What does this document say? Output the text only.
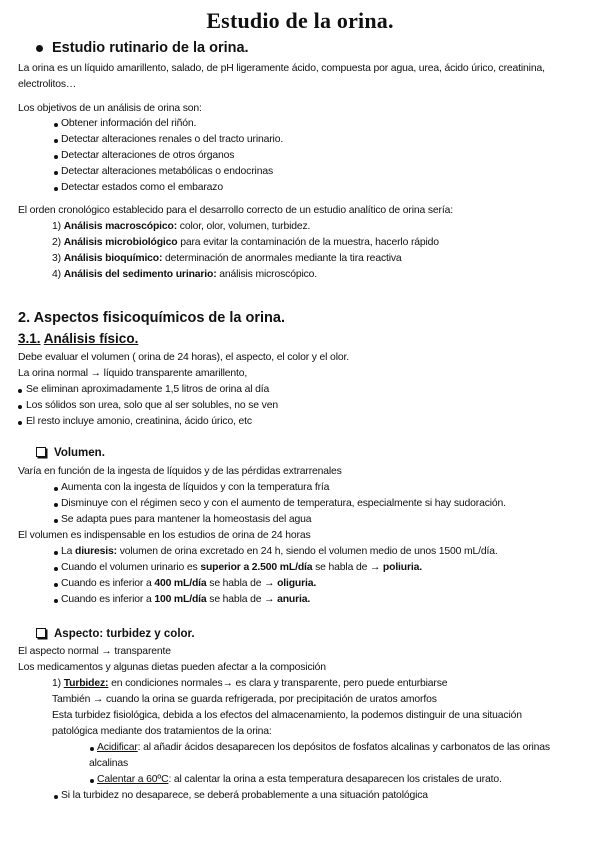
Estudio de la orina.
Estudio rutinario de la orina.
La orina es un líquido amarillento, salado, de pH ligeramente ácido, compuesta por agua, urea, ácido úrico, creatinina,
electrolitos…
Los objetivos de un análisis de orina son:
Obtener información del riñón.
Detectar alteraciones renales o del tracto urinario.
Detectar alteraciones de otros órganos
Detectar alteraciones metabólicas o endocrinas
Detectar estados como el embarazo
El orden cronológico establecido para el desarrollo correcto de un estudio analítico de orina sería:
1) Análisis macroscópico: color, olor, volumen, turbidez.
2) Análisis microbiológico para evitar la contaminación de la muestra, hacerlo rápido
3) Análisis bioquímico: determinación de anormales mediante la tira reactiva
4) Análisis del sedimento urinario: análisis microscópico.
2. Aspectos fisicoquímicos de la orina.
3.1. Análisis físico.
Debe evaluar el volumen ( orina de 24 horas), el aspecto, el color y el olor.
La orina normal → líquido transparente amarillento,
Se eliminan aproximadamente 1,5 litros de orina al día
Los sólidos son urea, solo que al ser solubles, no se ven
El resto incluye amonio, creatinina, ácido úrico, etc
Volumen.
Varía en función de la ingesta de líquidos y de las pérdidas extrarrenales
Aumenta con la ingesta de líquidos y con la temperatura fría
Disminuye con el régimen seco y con el aumento de temperatura, especialmente si hay sudoración.
Se adapta pues para mantener la homeostasis del agua
El volumen es indispensable en los estudios de orina de 24 horas
La diuresis: volumen de orina excretado en 24 h, siendo el volumen medio de unos 1500 mL/día.
Cuando el volumen urinario es superior a 2.500 mL/día se habla de → poliuria.
Cuando es inferior a 400 mL/día se habla de → oliguria.
Cuando es inferior a 100 mL/día se habla de → anuria.
Aspecto: turbidez y color.
El aspecto normal → transparente
Los medicamentos y algunas dietas pueden afectar a la composición
1) Turbidez: en condiciones normales→ es clara y transparente, pero puede enturbiarse
También → cuando la orina se guarda refrigerada, por precipitación de uratos amorfos
Esta turbidez fisiológica, debida a los efectos del almacenamiento, la podemos distinguir de una situación
patológica mediante dos tratamientos de la orina:
Acidificar: al añadir ácidos desaparecen los depósitos de fosfatos alcalinas y carbonatos de las orinas
alcalinas
Calentar a 60ºC: al calentar la orina a esta temperatura desaparecen los cristales de urato.
Si la turbidez no desaparece, se deberá probablemente a una situación patológica
